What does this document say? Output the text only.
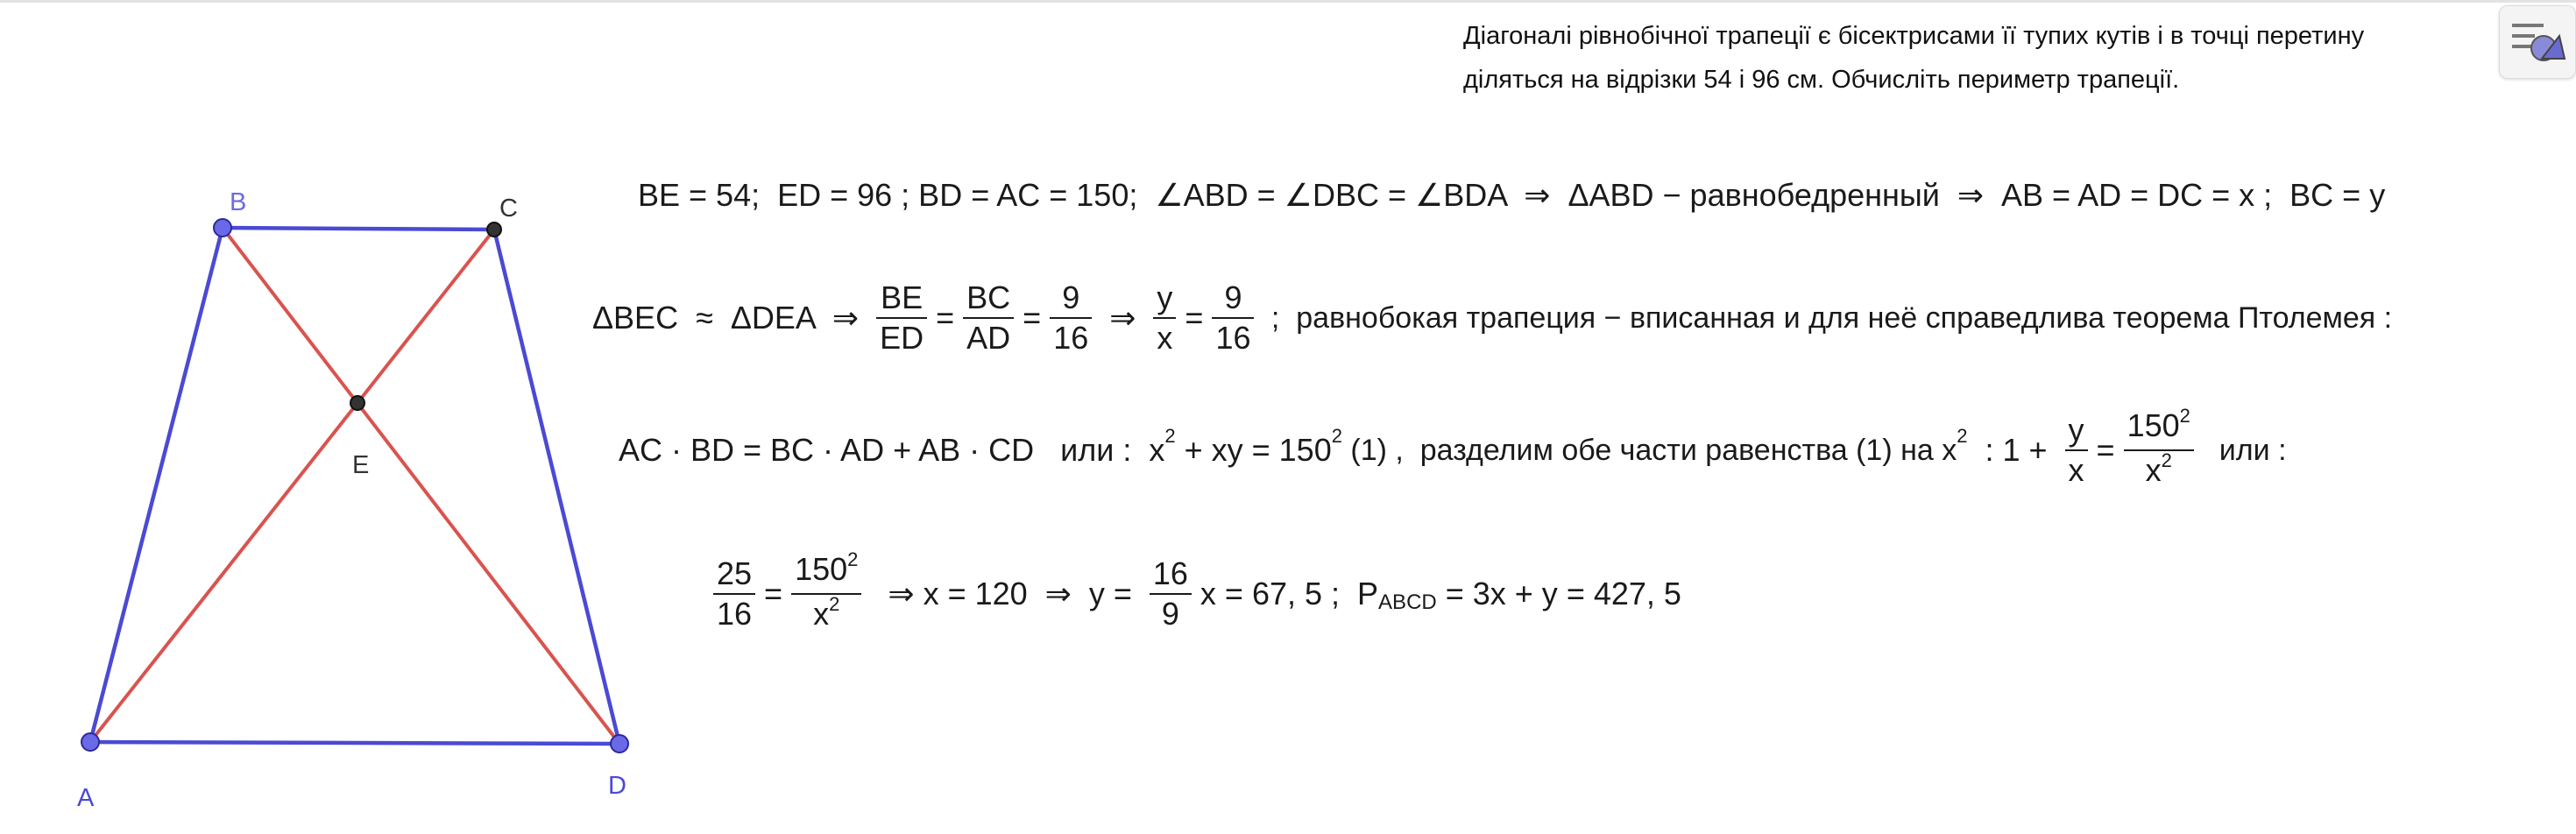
Діагоналі рівнобічної трапеції є бісектрисами її тупих кутів і в точці перетину
діляться на відрізки 54 і 96 см. Обчисліть периметр трапеції.
A
B	C
D
E
BE = 54;  ED = 96 ; BD = AC = 150;  ∠ABD = ∠DBC = ∠BDA  ⇒  ΔABD − равнобедренный  ⇒  AB = AD = DC = x ;  BC = y
ΔBEC  ≈  ΔDEA  ⇒ $\frac{BE}{ED} = \frac{BC}{AD} = \frac{9}{16}$ ⇒ $\frac{y}{x} = \frac{9}{16}$ ;  равнобокая трапеция − вписанная и для неё справедлива теорема Птолемея :
AC · BD = BC · AD + AB · CD   или :  $x^2$ + xy = $150^2$ (1) ,  разделим обе части равенства (1) на $x^2$ : $1 + \frac{y}{x} = \frac{150^2}{x^2}$ или :
$\frac{25}{16} = \frac{150^2}{x^2}$ ⇒ x = 120  ⇒  $y = \frac{16}{9}$ x = 67, 5 ;  $P_{ABCD} = 3x + y = 427$, 5
